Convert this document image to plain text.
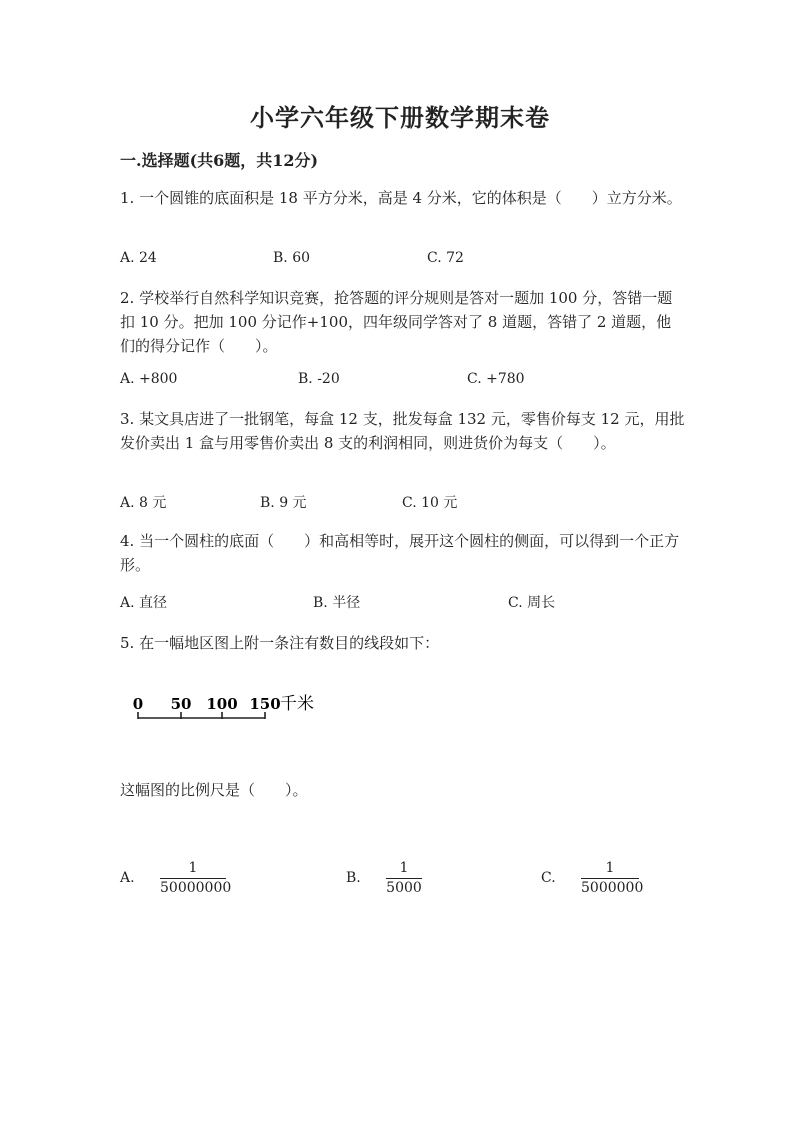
小学六年级下册数学期末卷
一.选择题(共6题，共12分)
1. 一个圆锥的底面积是 18 平方分米，高是 4 分米，它的体积是（　　）立方分米。
A. 24	B. 60	C. 72
2. 学校举行自然科学知识竞赛，抢答题的评分规则是答对一题加 100 分，答错一题扣 10 分。把加 100 分记作+100，四年级同学答对了 8 道题，答错了 2 道题，他们的得分记作（　　）。
A. +800	B. -20	C. +780
3. 某文具店进了一批钢笔，每盒 12 支，批发每盒 132 元，零售价每支 12 元，用批发价卖出 1 盒与用零售价卖出 8 支的利润相同，则进货价为每支（　　）。
A. 8 元	B. 9 元	C. 10 元
4. 当一个圆柱的底面（　　）和高相等时，展开这个圆柱的侧面，可以得到一个正方形。
A. 直径	B. 半径	C. 周长
5. 在一幅地区图上附一条注有数目的线段如下：
0 50 100 150 千米
这幅图的比例尺是（　　）。
A.
1
50000000
B.
1
5000
C.
1
5000000
